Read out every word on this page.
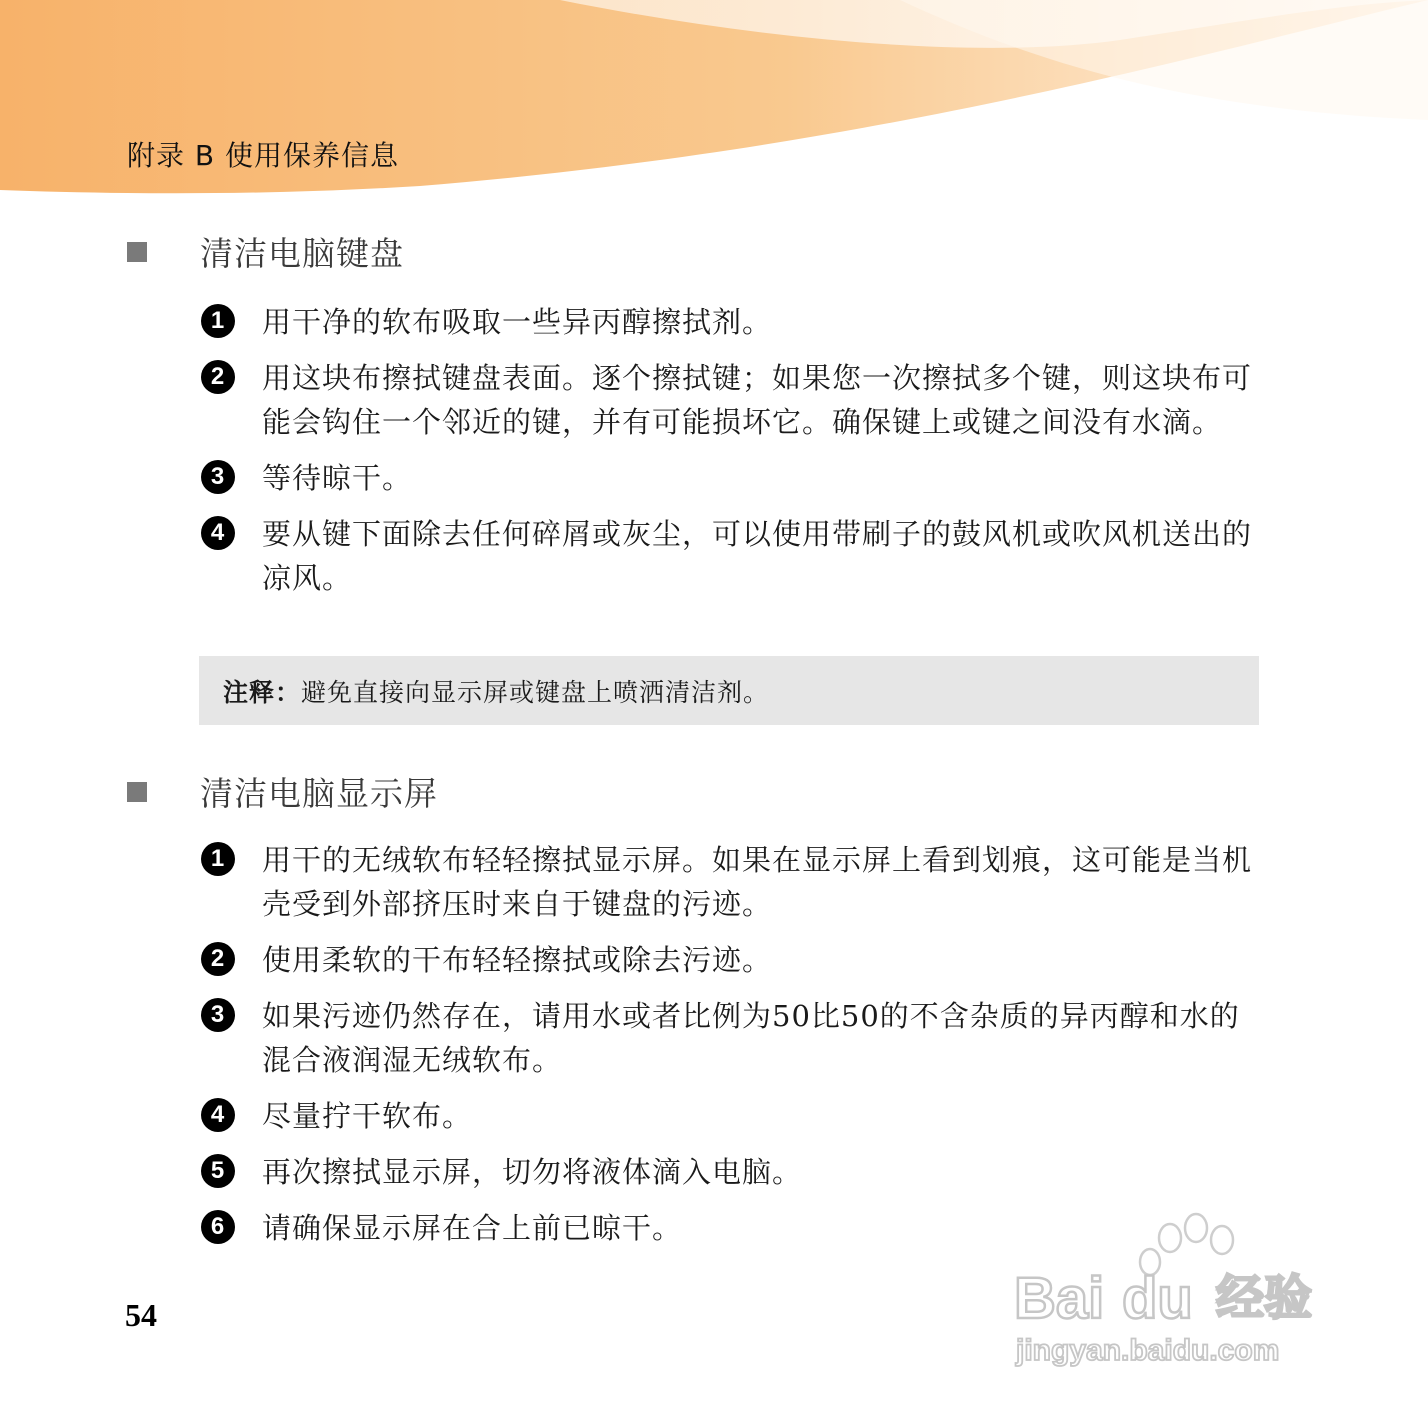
附录 B 使用保养信息
清洁电脑键盘
1	用干净的软布吸取一些异丙醇擦拭剂。
2	用这块布擦拭键盘表面。逐个擦拭键；如果您一次擦拭多个键，则这块布可能会钩住一个邻近的键，并有可能损坏它。确保键上或键之间没有水滴。
3	等待晾干。
4	要从键下面除去任何碎屑或灰尘，可以使用带刷子的鼓风机或吹风机送出的凉风。
注释： 避免直接向显示屏或键盘上喷洒清洁剂。
清洁电脑显示屏
1	用干的无绒软布轻轻擦拭显示屏。如果在显示屏上看到划痕，这可能是当机壳受到外部挤压时来自于键盘的污迹。
2	使用柔软的干布轻轻擦拭或除去污迹。
3	如果污迹仍然存在，请用水或者比例为50比50的不含杂质的异丙醇和水的混合液润湿无绒软布。
4	尽量拧干软布。
5	再次擦拭显示屏，切勿将液体滴入电脑。
6	请确保显示屏在合上前已晾干。
54	Bai du 经验
jingyan.baidu.com
